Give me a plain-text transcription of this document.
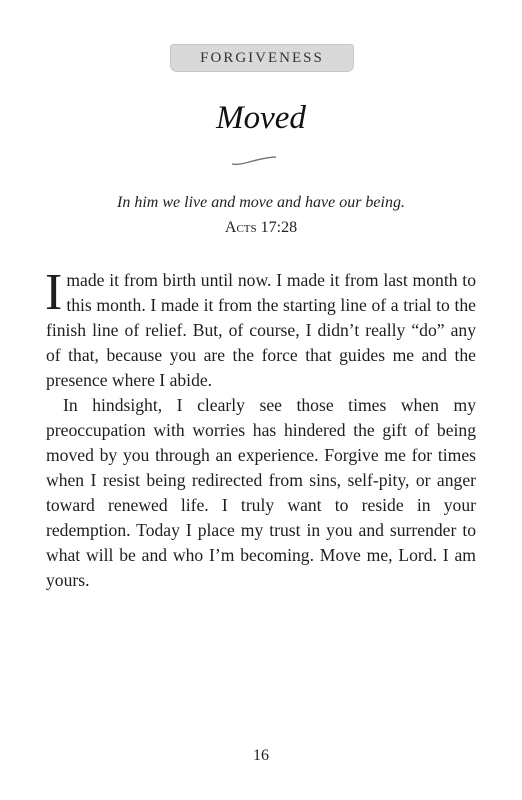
FORGIVENESS
Moved
In him we live and move and have our being.
Acts 17:28

I made it from birth until now. I made it from last month to this month. I made it from the starting line of a trial to the finish line of relief. But, of course, I didn’t really “do” any of that, because you are the force that guides me and the presence where I abide.

In hindsight, I clearly see those times when my preoccupation with worries has hindered the gift of being moved by you through an experience. Forgive me for times when I resist being redirected from sins, self-pity, or anger toward renewed life. I truly want to reside in your redemption. Today I place my trust in you and surrender to what will be and who I’m becoming. Move me, Lord. I am yours.

16
